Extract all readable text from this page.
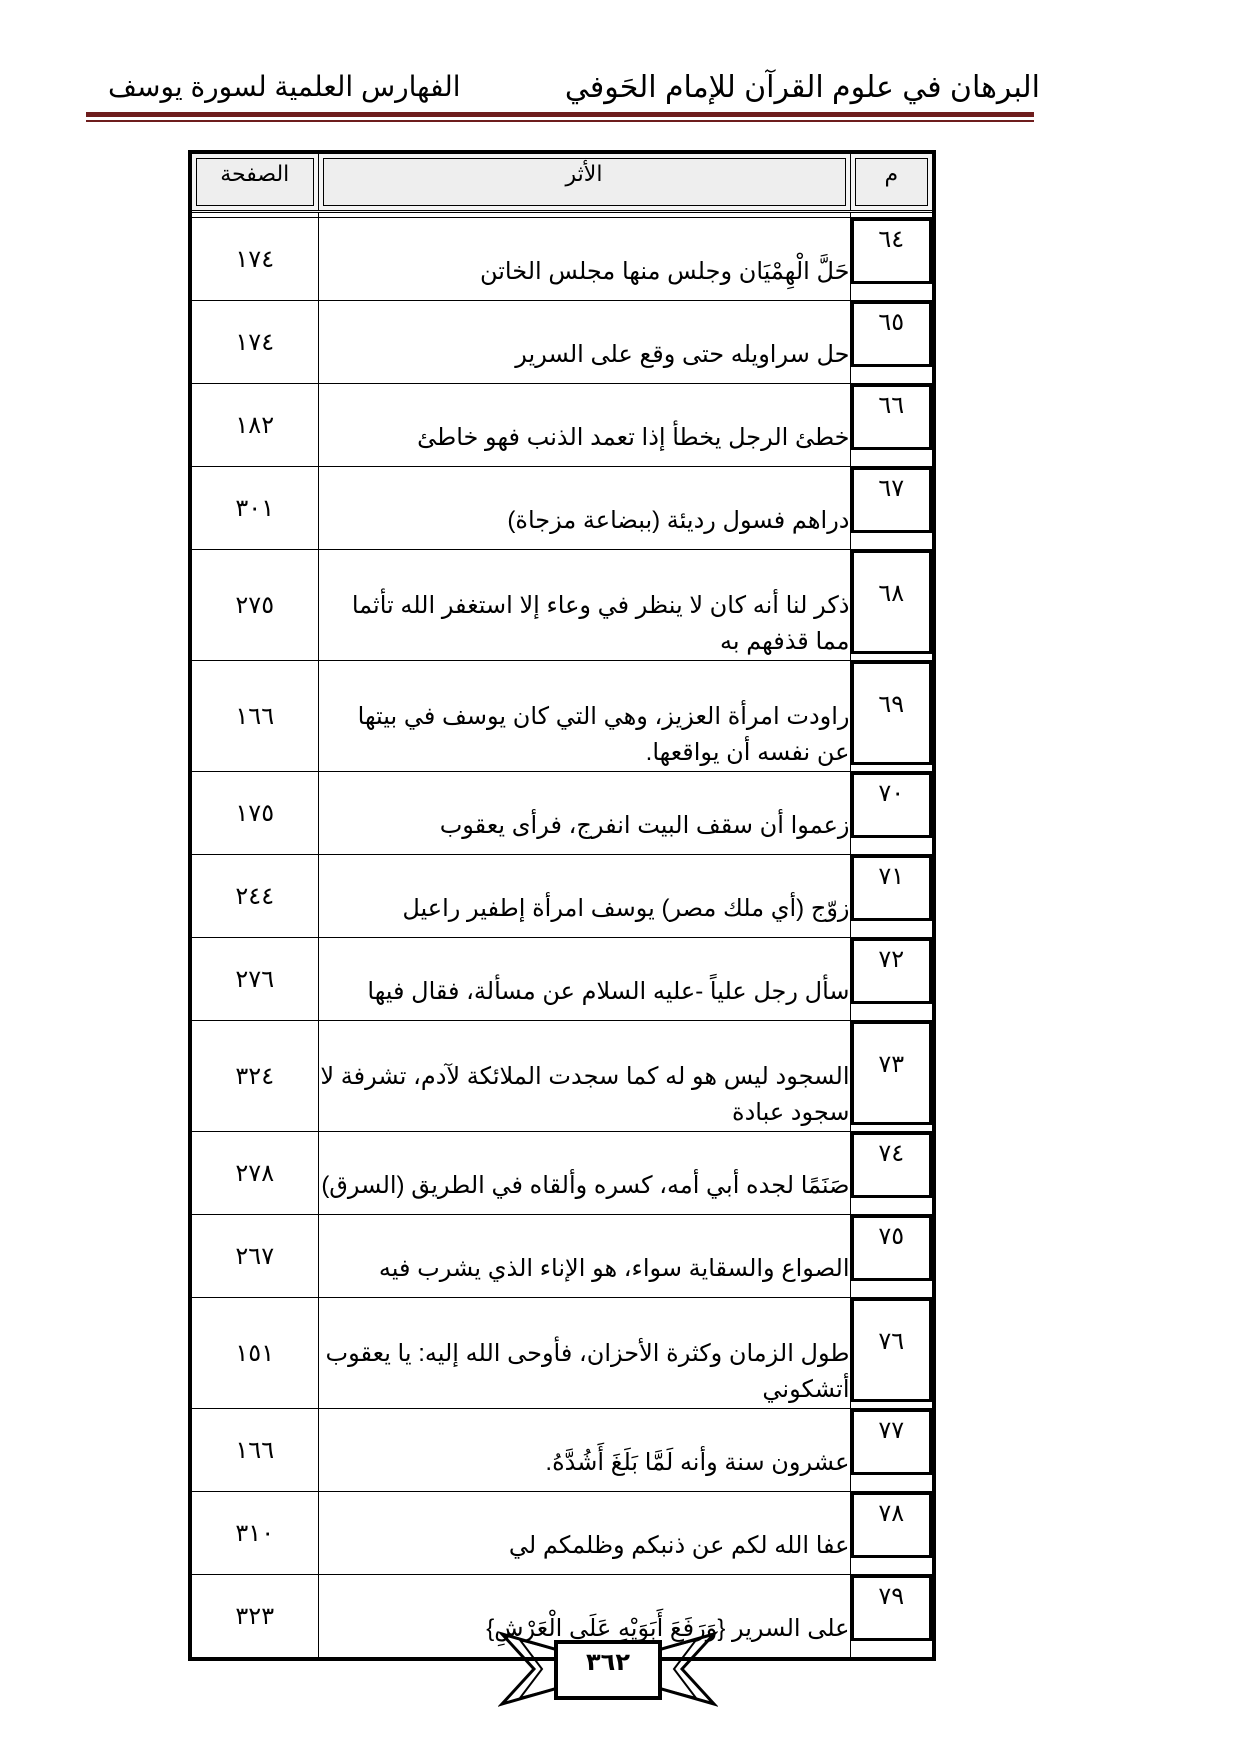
البرهان في علوم القرآن للإمام الحَوفي
الفهارس العلمية لسورة يوسف
م	الأثر	الصفحة

٦٤	حَلَّ الْهِمْيَان وجلس منها مجلس الخاتن	١٧٤

٦٥	حل سراويله حتى وقع على السرير	١٧٤

٦٦	خطئ الرجل يخطأ إذا تعمد الذنب فهو خاطئ	١٨٢

٦٧	دراهم فسول رديئة (ببضاعة مزجاة)	٣٠١

٦٨	ذكر لنا أنه كان لا ينظر في وعاء إلا استغفر الله تأثما مما قذفهم به	٢٧٥

٦٩	راودت امرأة العزيز، وهي التي كان يوسف في بيتها عن نفسه أن يواقعها.	١٦٦

٧٠	زعموا أن سقف البيت انفرج، فرأى يعقوب	١٧٥

٧١	زوّج (أي ملك مصر) يوسف امرأة إطفير راعيل	٢٤٤

٧٢	سأل رجل علياً -عليه السلام عن مسألة، فقال فيها	٢٧٦

٧٣	السجود ليس هو له كما سجدت الملائكة لآدم، تشرفة لا سجود عبادة	٣٢٤

٧٤	صَنَمًا لجده أبي أمه، كسره وألقاه في الطريق (السرق)	٢٧٨

٧٥	الصواع والسقاية سواء، هو الإناء الذي يشرب فيه	٢٦٧

٧٦	طول الزمان وكثرة الأحزان، فأوحى الله إليه: يا يعقوب أتشكوني	١٥١

٧٧	عشرون سنة وأنه لَمَّا بَلَغَ أَشُدَّهُ.	١٦٦

٧٨	عفا الله لكم عن ذنبكم وظلمكم لي	٣١٠

٧٩	على السرير {وَرَفَعَ أَبَوَيْهِ عَلَى الْعَرْشِ}	٣٢٣
٣٦٢
